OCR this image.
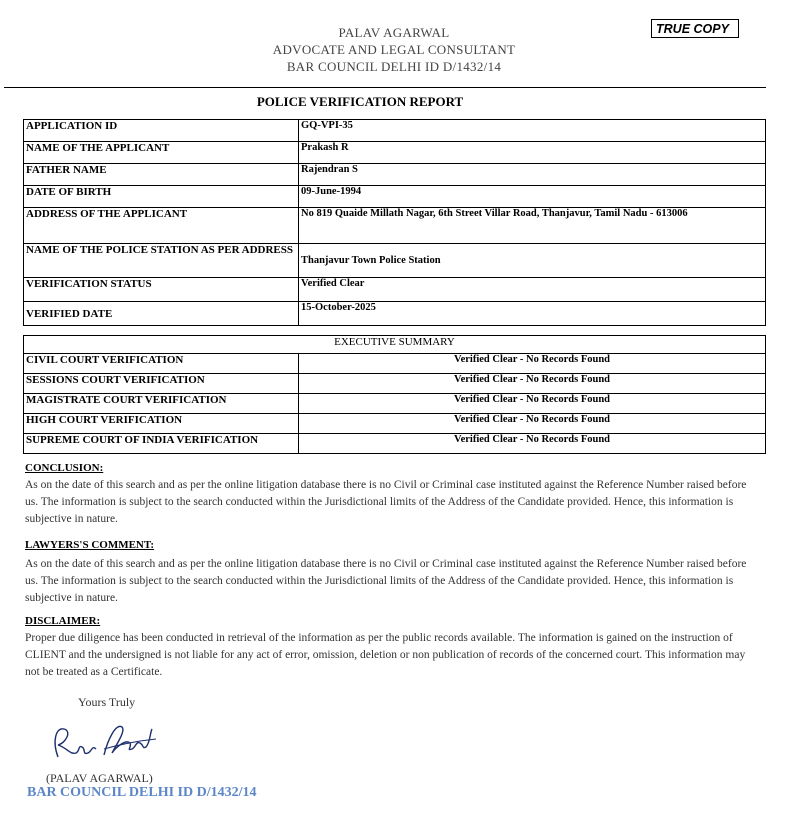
PALAV AGARWAL
ADVOCATE AND LEGAL CONSULTANT
BAR COUNCIL DELHI ID D/1432/14
TRUE COPY
POLICE VERIFICATION REPORT
APPLICATION ID	GQ-VPI-35
NAME OF THE APPLICANT	Prakash R
FATHER NAME	Rajendran S
DATE OF BIRTH	09-June-1994
ADDRESS OF THE APPLICANT	No 819 Quaide Millath Nagar, 6th Street Villar Road, Thanjavur, Tamil Nadu - 613006
NAME OF THE POLICE STATION AS PER ADDRESS	Thanjavur Town Police Station
VERIFICATION STATUS	Verified Clear
VERIFIED DATE	15-October-2025
EXECUTIVE SUMMARY	
CIVIL COURT VERIFICATION	Verified Clear - No Records Found
SESSIONS COURT VERIFICATION	Verified Clear - No Records Found
MAGISTRATE COURT VERIFICATION	Verified Clear - No Records Found
HIGH COURT VERIFICATION	Verified Clear - No Records Found
SUPREME COURT OF INDIA VERIFICATION	Verified Clear - No Records Found
CONCLUSION:
As on the date of this search and as per the online litigation database there is no Civil or Criminal case instituted against the Reference Number raised before us. The information is subject to the search conducted within the Jurisdictional limits of the Address of the Candidate provided. Hence, this information is subjective in nature.
LAWYERS'S COMMENT:
As on the date of this search and as per the online litigation database there is no Civil or Criminal case instituted against the Reference Number raised before us. The information is subject to the search conducted within the Jurisdictional limits of the Address of the Candidate provided. Hence, this information is subjective in nature.
DISCLAIMER:
Proper due diligence has been conducted in retrieval of the information as per the public records available. The information is gained on the instruction of CLIENT and the undersigned is not liable for any act of error, omission, deletion or non publication of records of the concerned court. This information may not be treated as a Certificate.
Yours Truly
(PALAV AGARWAL)
BAR COUNCIL DELHI ID D/1432/14
